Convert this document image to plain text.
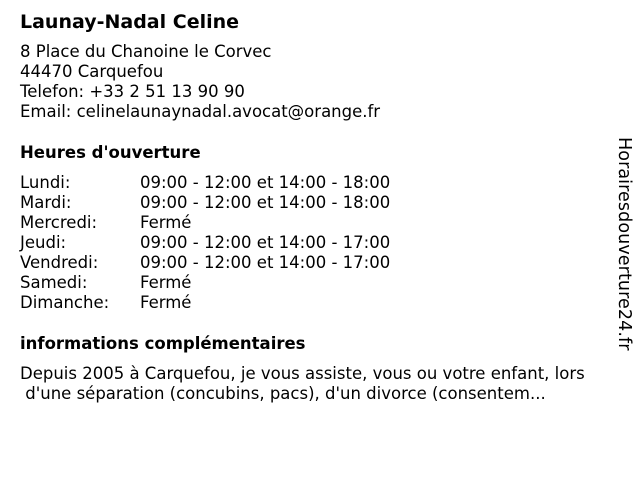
Launay-Nadal Celine
8 Place du Chanoine le Corvec
44470 Carquefou
Telefon: +33 2 51 13 90 90
Email: celinelaunaynadal.avocat@orange.fr
Heures d'ouverture
Lundi:	09:00 - 12:00 et 14:00 - 18:00
Mardi:	09:00 - 12:00 et 14:00 - 18:00
Mercredi:	Fermé
Jeudi:	09:00 - 12:00 et 14:00 - 17:00
Vendredi:	09:00 - 12:00 et 14:00 - 17:00
Samedi:	Fermé
Dimanche:	Fermé
informations complémentaires
Depuis 2005 à Carquefou, je vous assiste, vous ou votre enfant, lors
d'une séparation (concubins, pacs), d'un divorce (consentem...
Horairesdouverture24.fr
